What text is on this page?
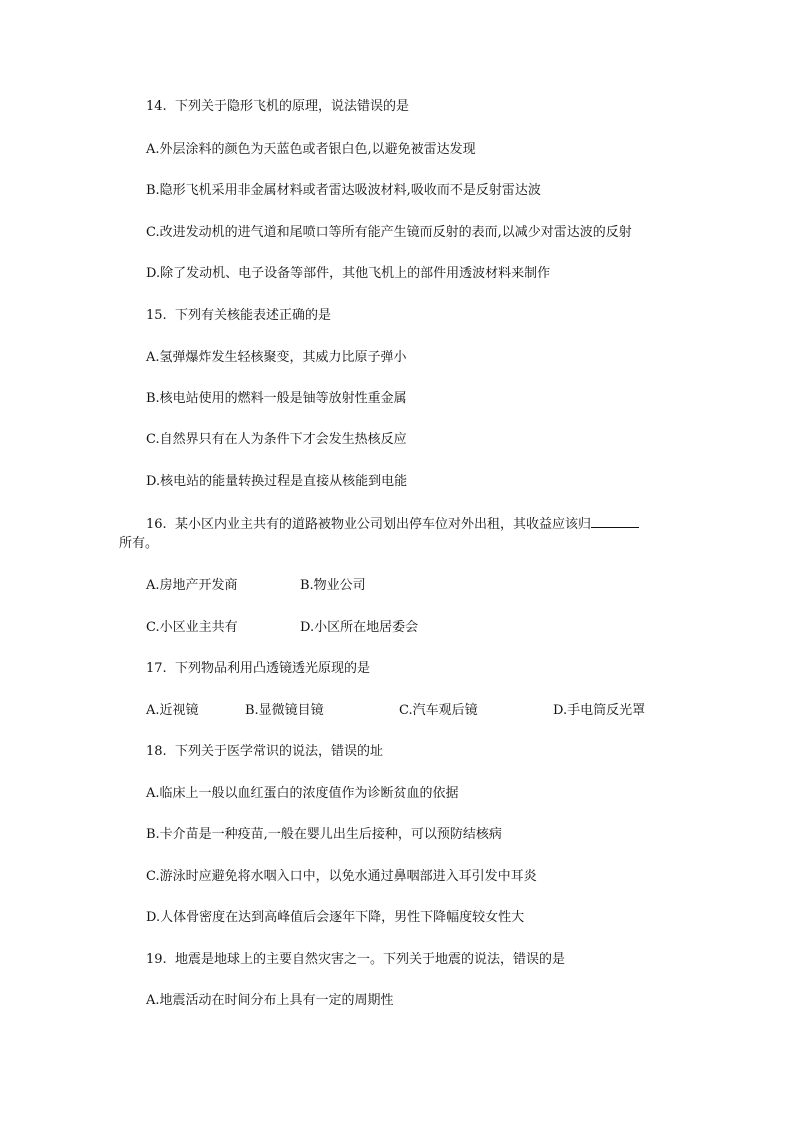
14. 下列关于隐形飞机的原理，说法错误的是
A.外层涂料的颜色为天蓝色或者银白色,以避免被雷达发现
B.隐形飞机采用非金属材料或者雷达吸波材料,吸收而不是反射雷达波
C.改进发动机的进气道和尾喷口等所有能产生镜而反射的表而,以减少对雷达波的反射
D.除了发动机、电子设备等部件，其他飞机上的部件用透波材料来制作
15. 下列有关核能表述正确的是
A.氢弹爆炸发生轻核聚变，其威力比原子弹小
B.核电站使用的燃料一般是铀等放射性重金属
C.自然界只有在人为条件下才会发生热核反应
D.核电站的能量转换过程是直接从核能到电能
16. 某小区内业主共有的道路被物业公司划出停车位对外出租，其收益应该归
所有。
A.房地产开发商	B.物业公司
C.小区业主共有	D.小区所在地居委会
17. 下列物品利用凸透镜透光原现的是
A.近视镜	B.显微镜目镜	C.汽车观后镜	D.手电筒反光罩
18. 下列关于医学常识的说法，错误的址
A.临床上一般以血红蛋白的浓度值作为诊断贫血的依据
B.卡介苗是一种疫苗,一般在婴儿出生后接种，可以预防结核病
C.游泳时应避免将水咽入口中，以免水通过鼻咽部进入耳引发中耳炎
D.人体骨密度在达到高峰值后会逐年下降，男性下降幅度较女性大
19. 地震是地球上的主要自然灾害之一。下列关于地震的说法，错误的是
A.地震活动在时间分布上具有一定的周期性
